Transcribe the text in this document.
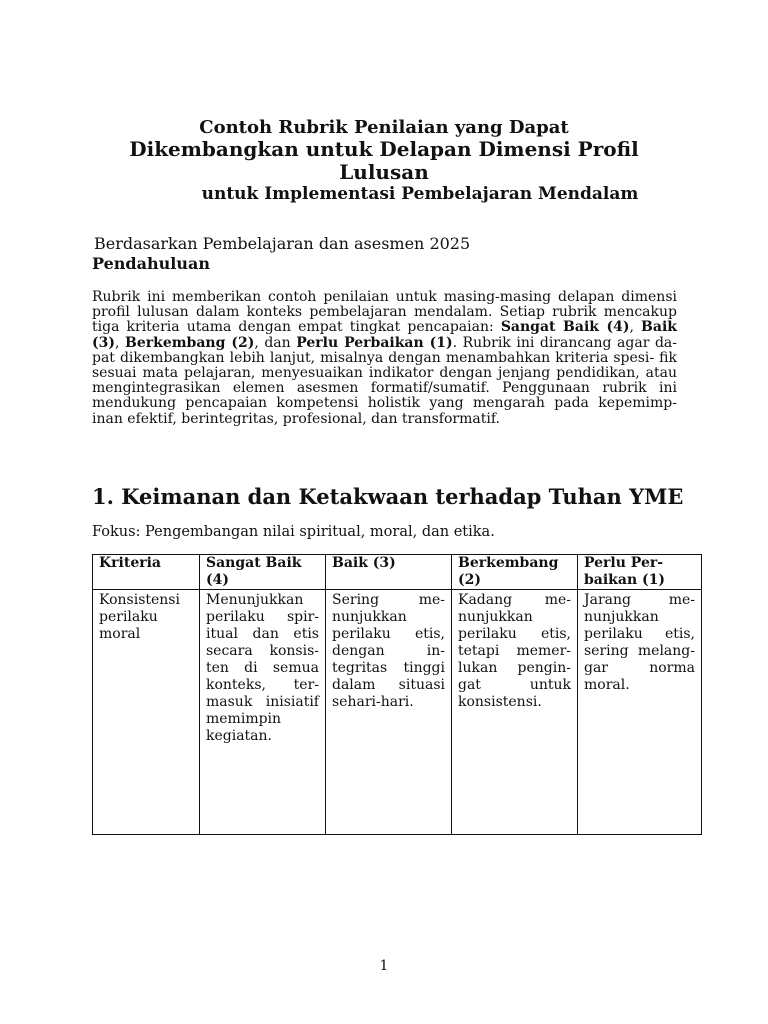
Contoh Rubrik Penilaian yang Dapat
Dikembangkan untuk Delapan Dimensi Profil Lulusan
untuk Implementasi Pembelajaran Mendalam
Berdasarkan Pembelajaran dan asesmen 2025
Pendahuluan

Rubrik ini memberikan contoh penilaian untuk masing-masing delapan dimensi profil lulusan dalam konteks pembelajaran mendalam. Setiap rubrik mencakup tiga kriteria utama dengan empat tingkat pencapaian: Sangat Baik (4), Baik (3), Berkembang (2), dan Perlu Perbaikan (1). Rubrik ini dirancang agar da- pat dikembangkan lebih lanjut, misalnya dengan menambahkan kriteria spesi- fik sesuai mata pelajaran, menyesuaikan indikator dengan jenjang pendidikan, atau mengintegrasikan elemen asesmen formatif/sumatif. Penggunaan rubrik ini mendukung pencapaian kompetensi holistik yang mengarah pada kepemimp- inan efektif, berintegritas, profesional, dan transformatif.

1. Keimanan dan Ketakwaan terhadap Tuhan YME
Fokus: Pengembangan nilai spiritual, moral, dan etika.
Kriteria	Sangat Baik (4)	Baik (3)	Berkembang (2)	Perlu Per- baikan (1)
Konsistensi perilaku moral	Menunjukkan perilaku spir- itual dan etis secara konsis- ten di semua konteks, ter- masuk inisiatif memimpin kegiatan.	Sering me- nunjukkan perilaku etis, dengan in- tegritas tinggi dalam situasi sehari-hari.	Kadang me- nunjukkan perilaku etis, tetapi memer- lukan pengin- gat untuk konsistensi.	Jarang me- nunjukkan perilaku etis, sering melang- gar norma moral.
1
